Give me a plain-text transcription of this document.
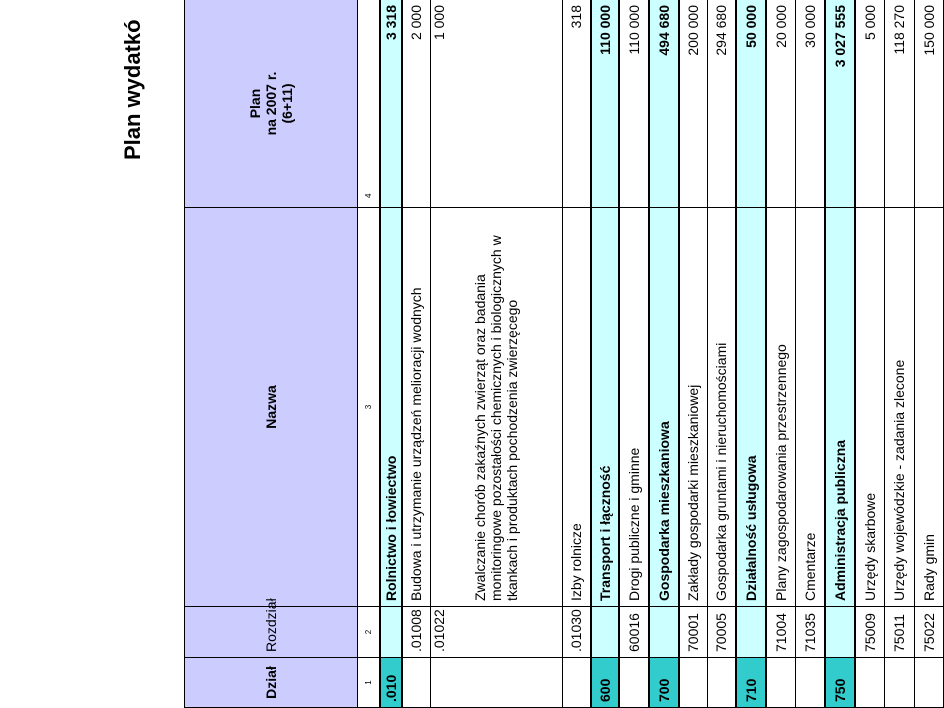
Plan wydatkó
Dział	Rozdział	Nazwa	Plan na 2007 r. (6+11)

1	2	3	4
.010		Rolnictwo i łowiectwo	3 318
	.01008	Budowa i utrzymanie urządzeń melioracji wodnych	2 000
	.01022	Zwalczanie chorób zakaźnych zwierząt oraz badania monitoringowe pozostałości chemicznych i biologicznych w tkankach i produktach pochodzenia zwierzęcego	1 000
	.01030	Izby rolnicze	318
600		Transport i łączność	110 000
	60016	Drogi publiczne i gminne	110 000
700		Gospodarka mieszkaniowa	494 680
	70001	Zakłady gospodarki mieszkaniowej	200 000
	70005	Gospodarka gruntami i nieruchomościami	294 680
710		Działalność usługowa	50 000
	71004	Plany zagospodarowania przestrzennego	20 000
	71035	Cmentarze	30 000
750		Administracja publiczna	3 027 555
	75009	Urzędy skarbowe	5 000
	75011	Urzędy wojewódzkie - zadania zlecone	118 270
	75022	Rady gmin	150 000
